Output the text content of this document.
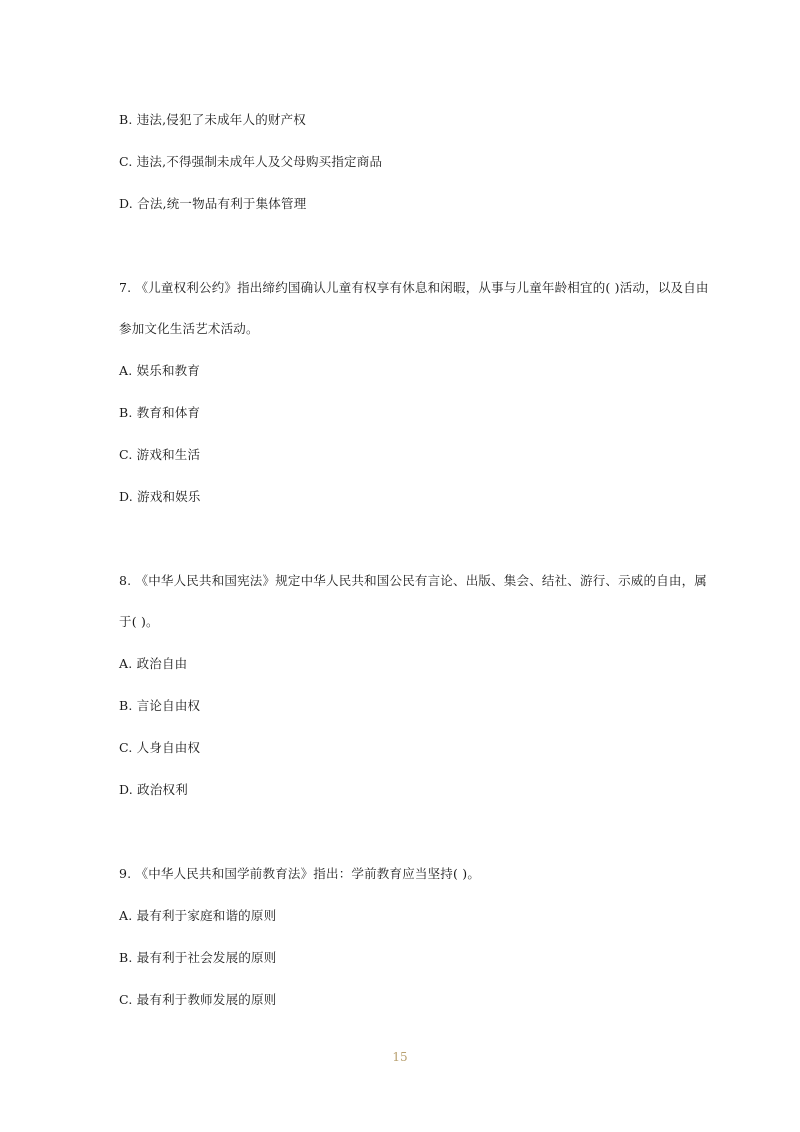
B. 违法,侵犯了未成年人的财产权
C. 违法,不得强制未成年人及父母购买指定商品
D. 合法,统一物品有利于集体管理
7. 《儿童权利公约》指出缔约国确认儿童有权享有休息和闲暇，从事与儿童年龄相宜的( )活动，以及自由
参加文化生活艺术活动。
A. 娱乐和教育
B. 教育和体育
C. 游戏和生活
D. 游戏和娱乐
8. 《中华人民共和国宪法》规定中华人民共和国公民有言论、出版、集会、结社、游行、示威的自由，属
于( )。
A. 政治自由
B. 言论自由权
C. 人身自由权
D. 政治权利
9. 《中华人民共和国学前教育法》指出：学前教育应当坚持( )。
A. 最有利于家庭和谐的原则
B. 最有利于社会发展的原则
C. 最有利于教师发展的原则
15
